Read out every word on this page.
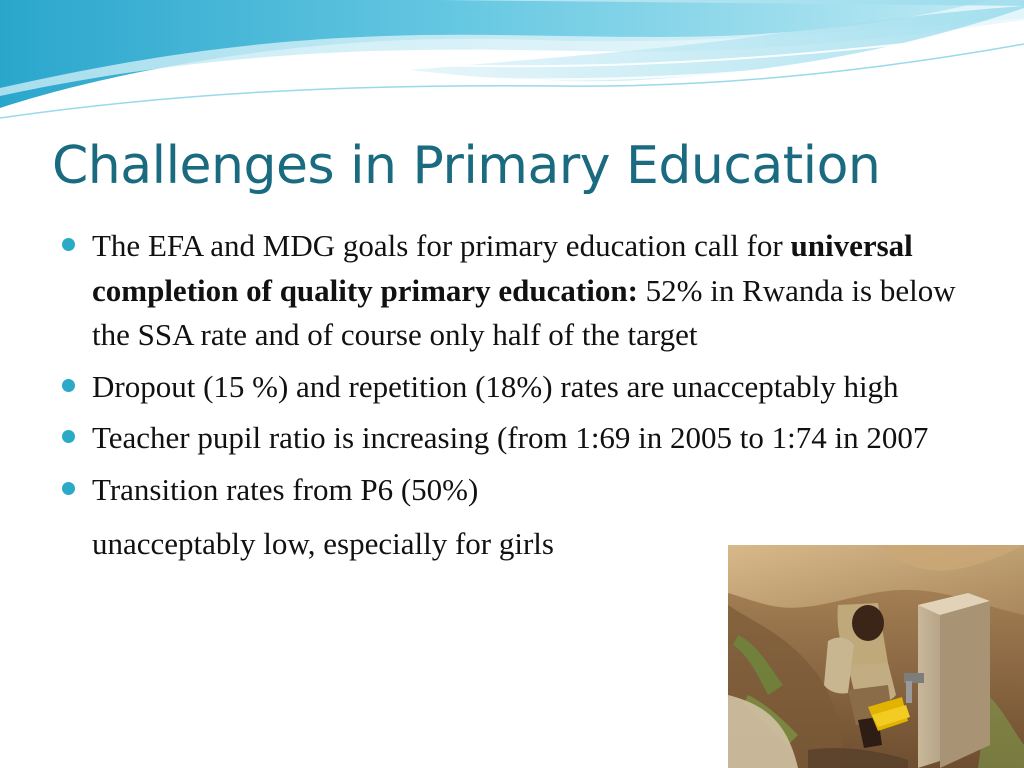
Challenges in Primary Education
The EFA and MDG goals for primary education call for universal completion of quality primary education: 52% in Rwanda is below the SSA rate and of course only half of the target
Dropout (15 %) and repetition (18%) rates are unacceptably high
Teacher pupil ratio is increasing (from 1:69 in 2005 to 1:74 in 2007
Transition rates from P6 (50%)
unacceptably low, especially for girls
